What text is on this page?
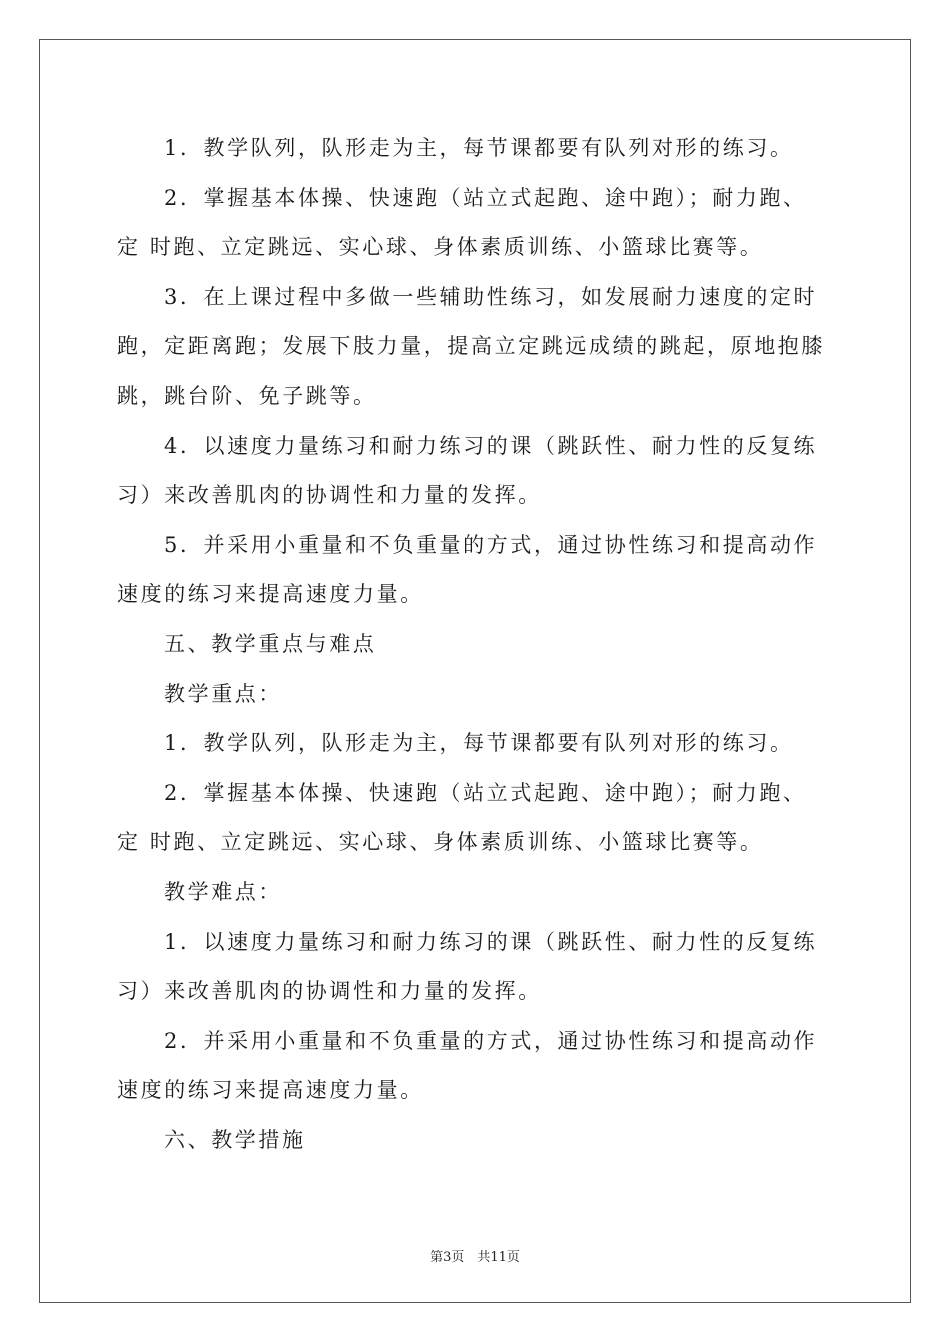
1．教学队列，队形走为主，每节课都要有队列对形的练习。

2．掌握基本体操、快速跑（站立式起跑、途中跑）；耐力跑、

定 时跑、立定跳远、实心球、身体素质训练、小篮球比赛等。

3．在上课过程中多做一些辅助性练习，如发展耐力速度的定时

跑，定距离跑；发展下肢力量，提高立定跳远成绩的跳起，原地抱膝

跳，跳台阶、免子跳等。

4．以速度力量练习和耐力练习的课（跳跃性、耐力性的反复练

习）来改善肌肉的协调性和力量的发挥。

5．并采用小重量和不负重量的方式，通过协性练习和提高动作

速度的练习来提高速度力量。

五、教学重点与难点

教学重点：

1．教学队列，队形走为主，每节课都要有队列对形的练习。

2．掌握基本体操、快速跑（站立式起跑、途中跑）；耐力跑、

定 时跑、立定跳远、实心球、身体素质训练、小篮球比赛等。

教学难点：

1．以速度力量练习和耐力练习的课（跳跃性、耐力性的反复练

习）来改善肌肉的协调性和力量的发挥。

2．并采用小重量和不负重量的方式，通过协性练习和提高动作

速度的练习来提高速度力量。

六、教学措施

第3页　共11页
